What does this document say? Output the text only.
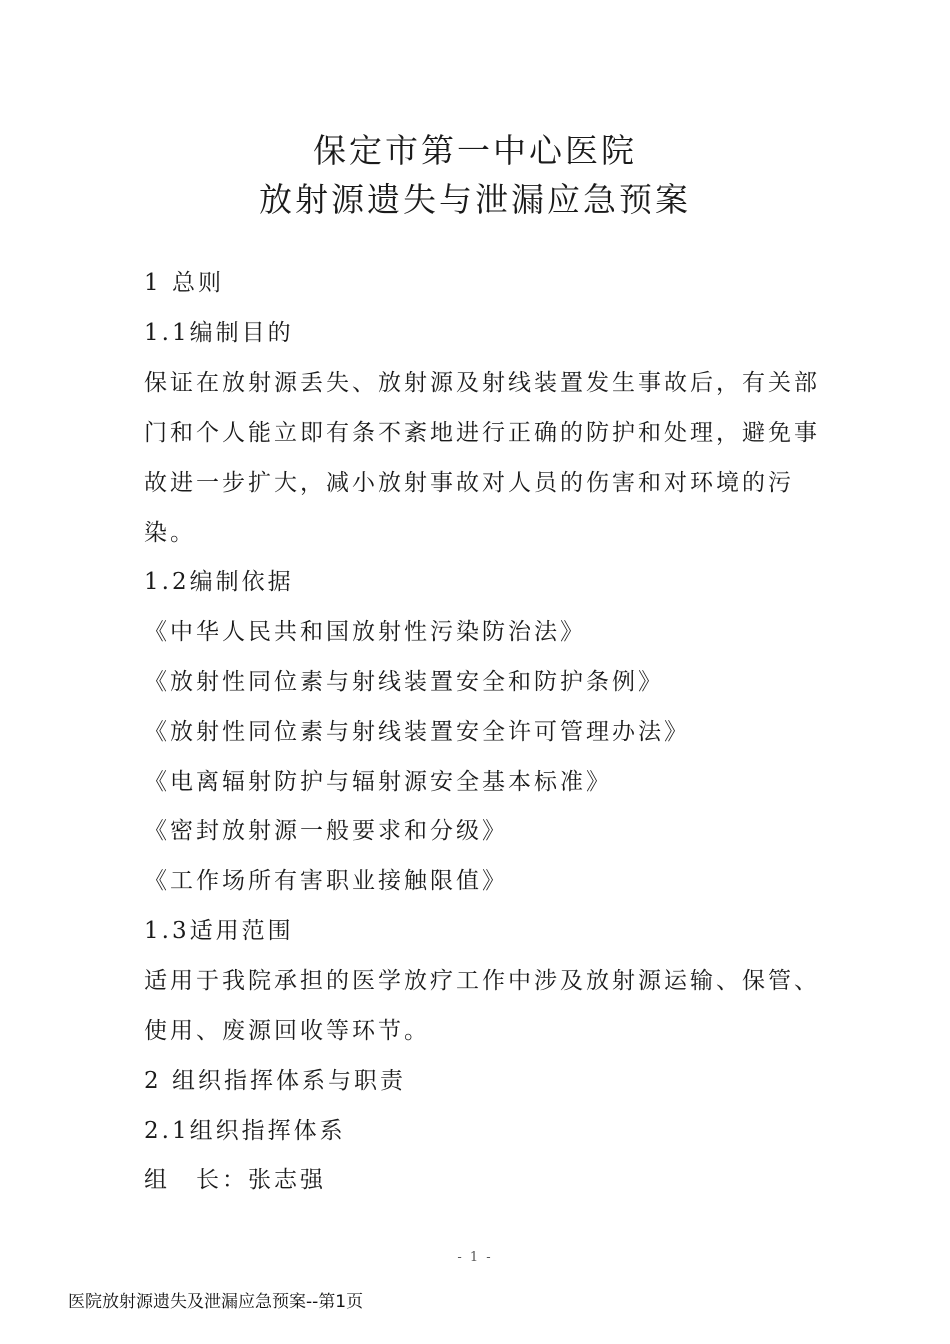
保定市第一中心医院
放射源遗失与泄漏应急预案
1 总则
1.1编制目的
保证在放射源丢失、放射源及射线装置发生事故后，有关部
门和个人能立即有条不紊地进行正确的防护和处理，避免事
故进一步扩大，减小放射事故对人员的伤害和对环境的污
染。
1.2编制依据
《中华人民共和国放射性污染防治法》
《放射性同位素与射线装置安全和防护条例》
《放射性同位素与射线装置安全许可管理办法》
《电离辐射防护与辐射源安全基本标准》
《密封放射源一般要求和分级》
《工作场所有害职业接触限值》
1.3适用范围
适用于我院承担的医学放疗工作中涉及放射源运输、保管、
使用、废源回收等环节。
2 组织指挥体系与职责
2.1组织指挥体系
组　长：张志强
- 1 -
医院放射源遗失及泄漏应急预案--第1页
